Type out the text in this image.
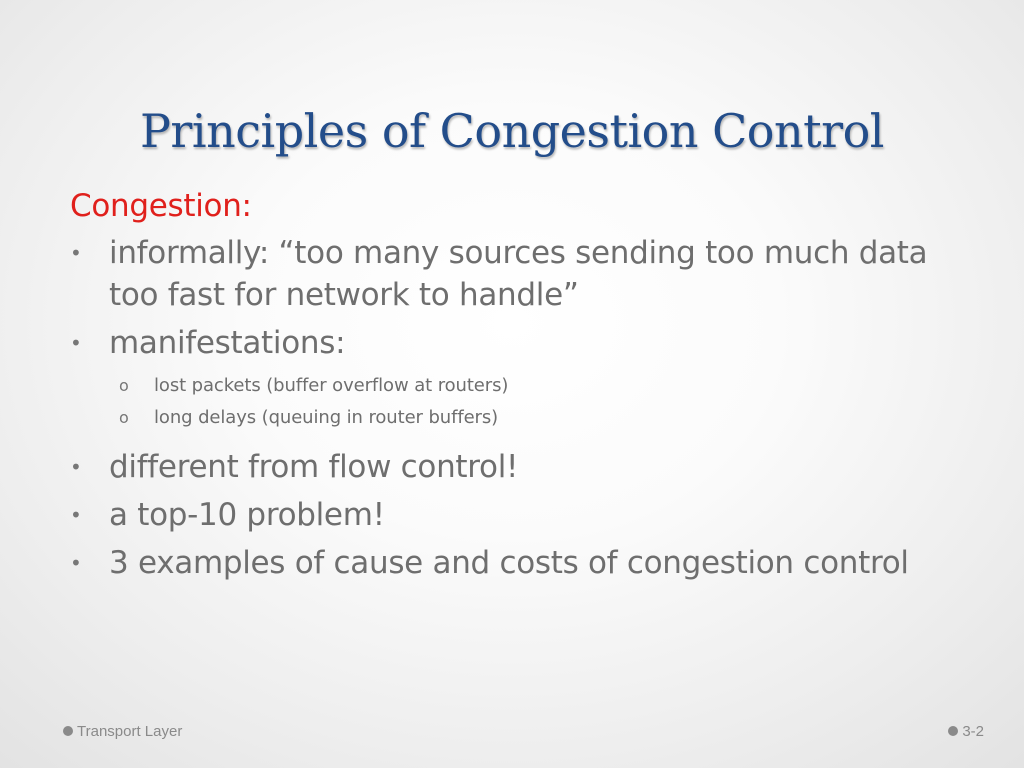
Principles of Congestion Control
Congestion:
• informally: “too many sources sending too much data too fast for network to handle”
• manifestations:
o lost packets (buffer overflow at routers)
o long delays (queuing in router buffers)
• different from flow control!
• a top-10 problem!
• 3 examples of cause and costs of congestion control
Transport Layer	3-2
